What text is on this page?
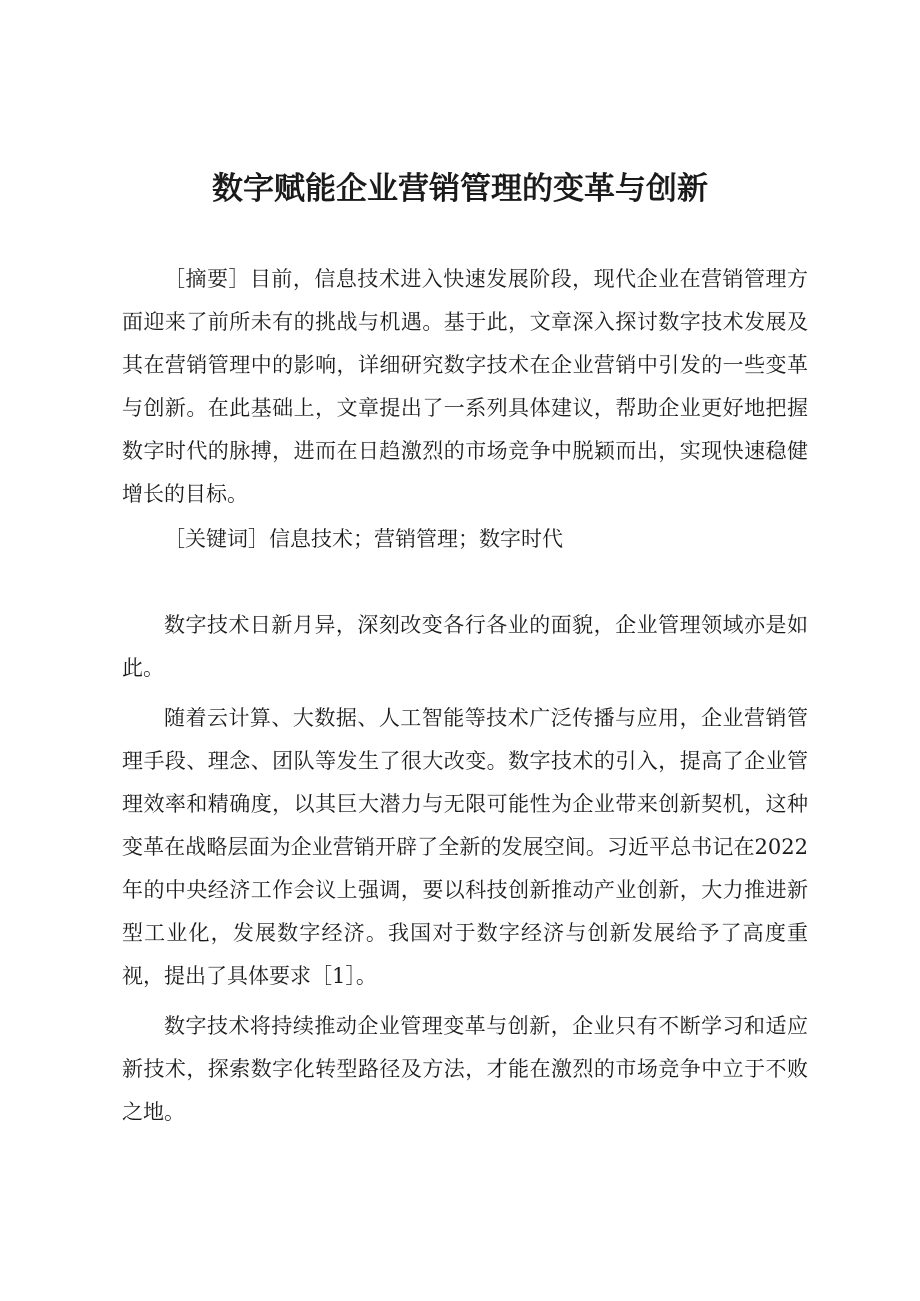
数字赋能企业营销管理的变革与创新

［摘要］目前，信息技术进入快速发展阶段，现代企业在营销管理方面迎来了前所未有的挑战与机遇。基于此，文章深入探讨数字技术发展及其在营销管理中的影响，详细研究数字技术在企业营销中引发的一些变革与创新。在此基础上，文章提出了一系列具体建议，帮助企业更好地把握数字时代的脉搏，进而在日趋激烈的市场竞争中脱颖而出，实现快速稳健增长的目标。

［关键词］信息技术；营销管理；数字时代

数字技术日新月异，深刻改变各行各业的面貌，企业管理领域亦是如此。

随着云计算、大数据、人工智能等技术广泛传播与应用，企业营销管理手段、理念、团队等发生了很大改变。数字技术的引入，提高了企业管理效率和精确度，以其巨大潜力与无限可能性为企业带来创新契机，这种变革在战略层面为企业营销开辟了全新的发展空间。习近平总书记在2022年的中央经济工作会议上强调，要以科技创新推动产业创新，大力推进新型工业化，发展数字经济。我国对于数字经济与创新发展给予了高度重视，提出了具体要求［1］。

数字技术将持续推动企业管理变革与创新，企业只有不断学习和适应新技术，探索数字化转型路径及方法，才能在激烈的市场竞争中立于不败之地。
